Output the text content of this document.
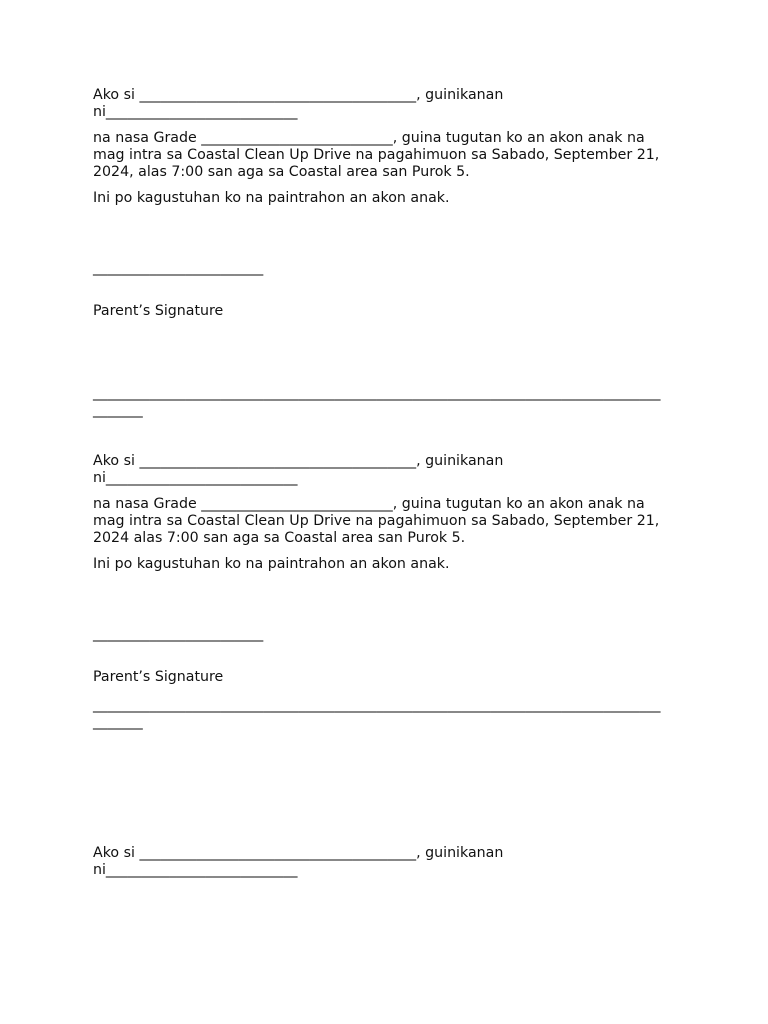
Ako si _______________________________________, guinikanan
ni___________________________
na nasa Grade ___________________________, guina tugutan ko an akon anak na mag intra sa Coastal Clean Up Drive na pagahimuon sa Sabado, September 21, 2024, alas 7:00 san aga sa Coastal area san Purok 5.
Ini po kagustuhan ko na paintrahon an akon anak.
________________________
Parent’s Signature
________________________________________________________________________________
_______
Ako si _______________________________________, guinikanan
ni___________________________
na nasa Grade ___________________________, guina tugutan ko an akon anak na mag intra sa Coastal Clean Up Drive na pagahimuon sa Sabado, September 21, 2024 alas 7:00 san aga sa Coastal area san Purok 5.
Ini po kagustuhan ko na paintrahon an akon anak.
________________________
Parent’s Signature
________________________________________________________________________________
_______
Ako si _______________________________________, guinikanan
ni___________________________
